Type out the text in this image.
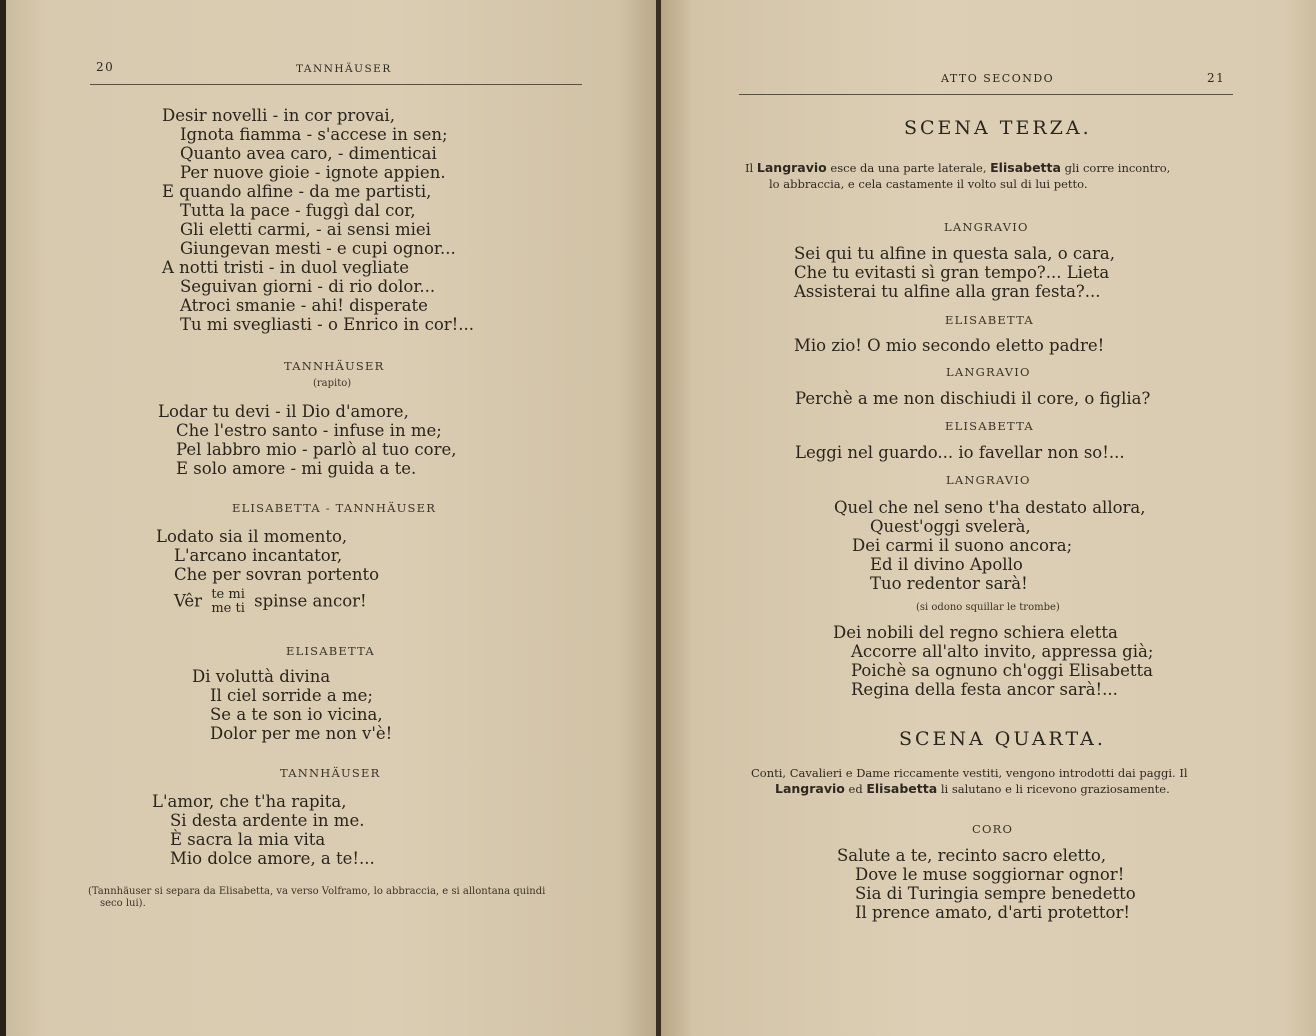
20	TANNHÄUSER
Desir novelli - in cor provai,
Ignota fiamma - s'accese in sen;
Quanto avea caro, - dimenticai
Per nuove gioie - ignote appien.
E quando alfine - da me partisti,
Tutta la pace - fuggì dal cor,
Gli eletti carmi, - ai sensi miei
Giungevan mesti - e cupi ognor...
A notti tristi - in duol vegliate
Seguivan giorni - di rio dolor...
Atroci smanie - ahi! disperate
Tu mi svegliasti - o Enrico in cor!...
TANNHÄUSER
(rapito)
Lodar tu devi - il Dio d'amore,
Che l'estro santo - infuse in me;
Pel labbro mio - parlò al tuo core,
E solo amore - mi guida a te.
ELISABETTA - TANNHÄUSER
Lodato sia il momento,
L'arcano incantator,
Che per sovran portento
Vêr te mi
me ti spinse ancor!
ELISABETTA
Di voluttà divina
Il ciel sorride a me;
Se a te son io vicina,
Dolor per me non v'è!
TANNHÄUSER
L'amor, che t'ha rapita,
Si desta ardente in me.
È sacra la mia vita
Mio dolce amore, a te!...
(Tannhäuser si separa da Elisabetta, va verso Volframo, lo abbraccia, e si allontana quindi
seco lui).
ATTO SECONDO	21
SCENA TERZA.
Il Langravio esce da una parte laterale, Elisabetta gli corre incontro,
lo abbraccia, e cela castamente il volto sul di lui petto.
LANGRAVIO
Sei qui tu alfine in questa sala, o cara,
Che tu evitasti sì gran tempo?... Lieta
Assisterai tu alfine alla gran festa?...
ELISABETTA
Mio zio! O mio secondo eletto padre!
LANGRAVIO
Perchè a me non dischiudi il core, o figlia?
ELISABETTA
Leggi nel guardo... io favellar non so!...
LANGRAVIO
Quel che nel seno t'ha destato allora,
Quest'oggi svelerà,
Dei carmi il suono ancora;
Ed il divino Apollo
Tuo redentor sarà!
(si odono squillar le trombe)
Dei nobili del regno schiera eletta
Accorre all'alto invito, appressa già;
Poichè sa ognuno ch'oggi Elisabetta
Regina della festa ancor sarà!...
SCENA QUARTA.
Conti, Cavalieri e Dame riccamente vestiti, vengono introdotti dai paggi. Il
Langravio ed Elisabetta li salutano e li ricevono graziosamente.
CORO
Salute a te, recinto sacro eletto,
Dove le muse soggiornar ognor!
Sia di Turingia sempre benedetto
Il prence amato, d'arti protettor!
